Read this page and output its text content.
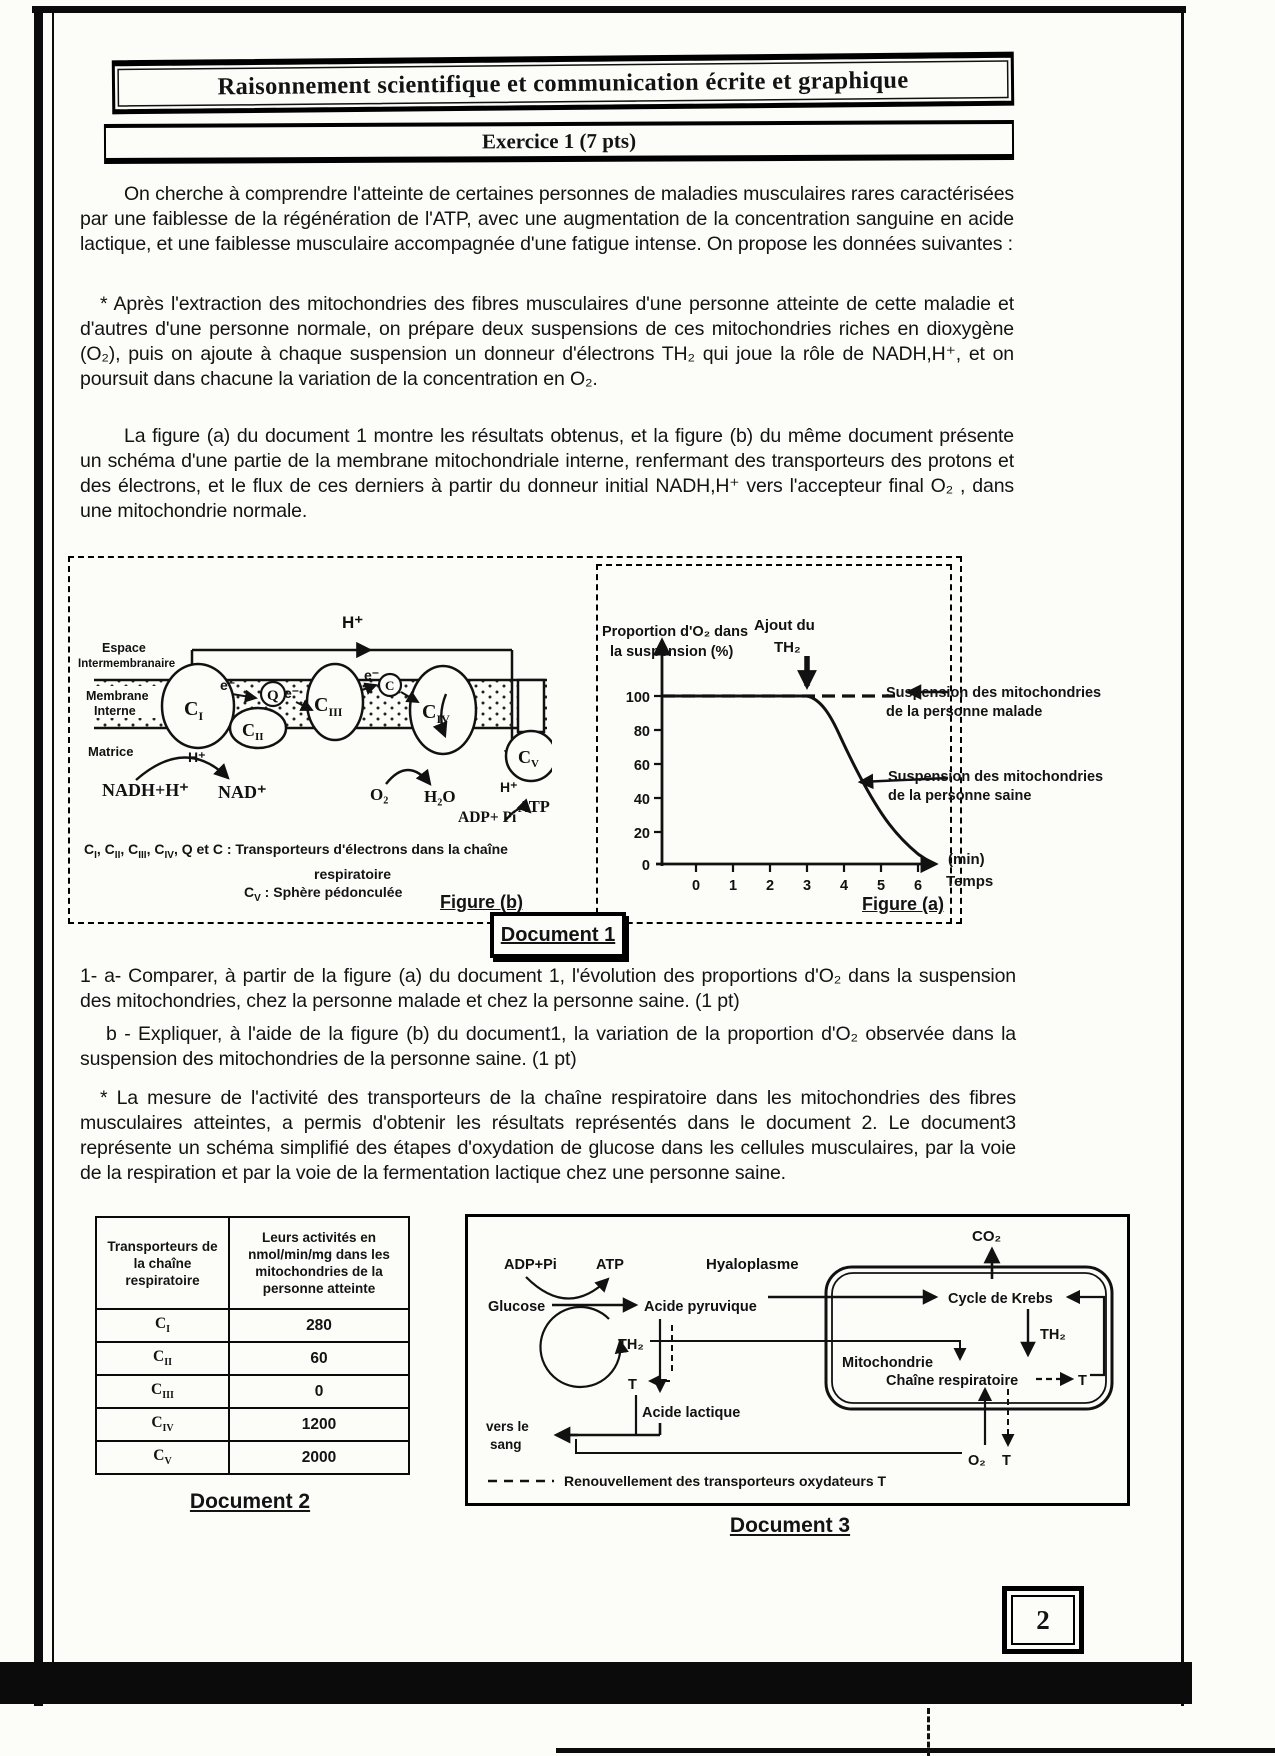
Raisonnement scientifique et communication écrite et graphique
Exercice 1 (7 pts)

On cherche à comprendre l'atteinte de certaines personnes de maladies musculaires rares caractérisées par une faiblesse de la régénération de l'ATP, avec une augmentation de la concentration sanguine en acide lactique, et une faiblesse musculaire accompagnée d'une fatigue intense. On propose les données suivantes :

* Après l'extraction des mitochondries des fibres musculaires d'une personne atteinte de cette maladie et d'autres d'une personne normale, on prépare deux suspensions de ces mitochondries riches en dioxygène (O₂), puis on ajoute à chaque suspension un donneur d'électrons TH₂ qui joue la rôle de NADH,H⁺, et on poursuit dans chacune la variation de la concentration en O₂.

La figure (a) du document 1 montre les résultats obtenus, et la figure (b) du même document présente un schéma d'une partie de la membrane mitochondriale interne, renfermant des transporteurs des protons et des électrons, et le flux de ces derniers à partir du donneur initial NADH,H⁺ vers l'accepteur final O₂ , dans une mitochondrie normale.

H⁺
Espace
Intermembranaire
Membrane
Interne
Matrice
$C_I$
$C_{II}$
Q $C_{III}$
C
$C_{IV}$
$C_V$
e⁻	e⁻
e⁻
H⁺
NADH+H⁺ NAD⁺	O₂ H₂O	H⁺
ADP+ Pi
ATP
$C_I$, $C_{II}$, $C_{III}$, $C_{IV}$, Q et C : Transporteurs d'électrons dans la chaîne
respiratoire
$C_V$ : Sphère pédonculée
Figure (b)
Proportion d'O₂ dans
la suspension (%)
Ajout du
TH₂
100
80
60
40
20
0
0 1 2 3 4 5 6
Suspension des mitochondries
de la personne malade
Suspension des mitochondries
de la personne saine
(min)
Temps
Figure (a)
Document 1

1- a- Comparer, à partir de la figure (a) du document 1, l'évolution des proportions d'O₂ dans la suspension des mitochondries, chez la personne malade et chez la personne saine. (1 pt)

b - Expliquer, à l'aide de la figure (b) du document1, la variation de la proportion d'O₂ observée dans la suspension des mitochondries de la personne saine. (1 pt)

* La mesure de l'activité des transporteurs de la chaîne respiratoire dans les mitochondries des fibres musculaires atteintes, a permis d'obtenir les résultats représentés dans le document 2. Le document3 représente un schéma simplifié des étapes d'oxydation de glucose dans les cellules musculaires, par la voie de la respiration et par la voie de la fermentation lactique chez une personne saine.

Transporteurs de la chaîne respiratoire	Leurs activités en nmol/min/mg dans les mitochondries de la personne atteinte
$C_I$	280
$C_{II}$	60
$C_{III}$	0
$C_{IV}$	1200
$C_V$	2000
Document 2
Hyaloplasme
CO₂
Cycle de Krebs
TH₂
Mitochondrie
Chaîne respiratoire	T
ADP+Pi	ATP
Glucose	Acide pyruvique
TH₂
T
Acide lactique
vers le
sang
O₂ T
Renouvellement des transporteurs oxydateurs T
Document 3
2
